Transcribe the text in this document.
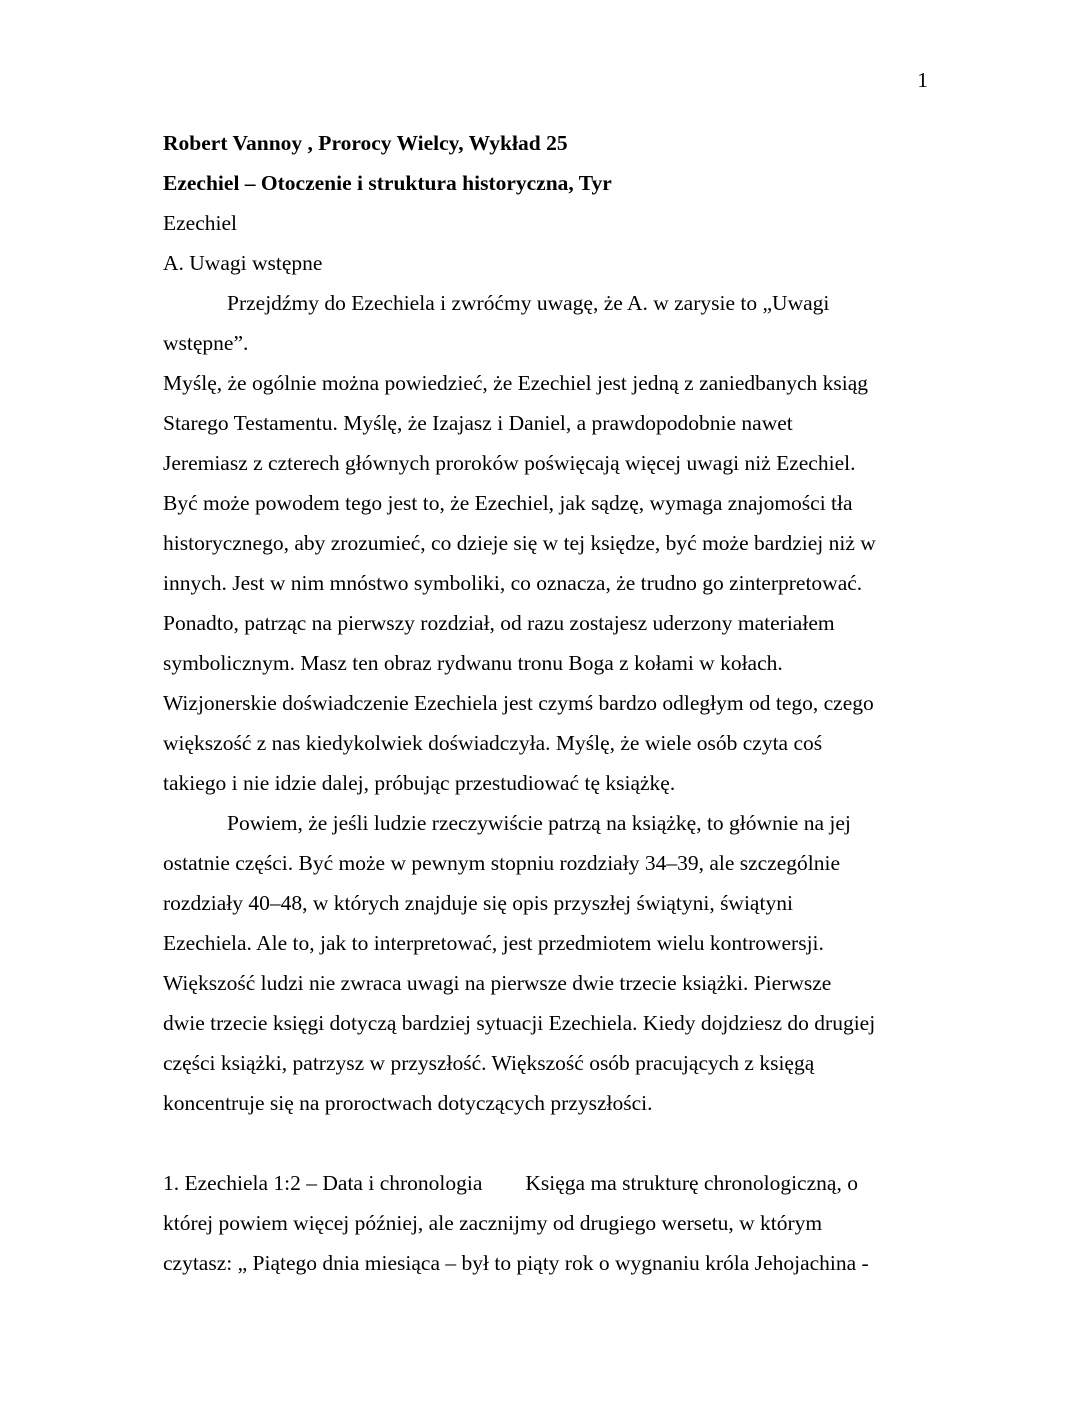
1
Robert Vannoy , Prorocy Wielcy, Wykład 25
Ezechiel – Otoczenie i struktura historyczna, Tyr
Ezechiel
A. Uwagi wstępne
Przejdźmy do Ezechiela i zwróćmy uwagę, że A. w zarysie to „Uwagi
wstępne”.
Myślę, że ogólnie można powiedzieć, że Ezechiel jest jedną z zaniedbanych ksiąg
Starego Testamentu. Myślę, że Izajasz i Daniel, a prawdopodobnie nawet
Jeremiasz z czterech głównych proroków poświęcają więcej uwagi niż Ezechiel.
Być może powodem tego jest to, że Ezechiel, jak sądzę, wymaga znajomości tła
historycznego, aby zrozumieć, co dzieje się w tej księdze, być może bardziej niż w
innych. Jest w nim mnóstwo symboliki, co oznacza, że trudno go zinterpretować.
Ponadto, patrząc na pierwszy rozdział, od razu zostajesz uderzony materiałem
symbolicznym. Masz ten obraz rydwanu tronu Boga z kołami w kołach.
Wizjonerskie doświadczenie Ezechiela jest czymś bardzo odległym od tego, czego
większość z nas kiedykolwiek doświadczyła. Myślę, że wiele osób czyta coś
takiego i nie idzie dalej, próbując przestudiować tę książkę.
Powiem, że jeśli ludzie rzeczywiście patrzą na książkę, to głównie na jej
ostatnie części. Być może w pewnym stopniu rozdziały 34–39, ale szczególnie
rozdziały 40–48, w których znajduje się opis przyszłej świątyni, świątyni
Ezechiela. Ale to, jak to interpretować, jest przedmiotem wielu kontrowersji.
Większość ludzi nie zwraca uwagi na pierwsze dwie trzecie książki. Pierwsze
dwie trzecie księgi dotyczą bardziej sytuacji Ezechiela. Kiedy dojdziesz do drugiej
części książki, patrzysz w przyszłość. Większość osób pracujących z księgą
koncentruje się na proroctwach dotyczących przyszłości.
1. Ezechiela 1:2 – Data i chronologia        Księga ma strukturę chronologiczną, o
której powiem więcej później, ale zacznijmy od drugiego wersetu, w którym
czytasz: „ Piątego dnia miesiąca – był to piąty rok o wygnaniu króla Jehojachina -
